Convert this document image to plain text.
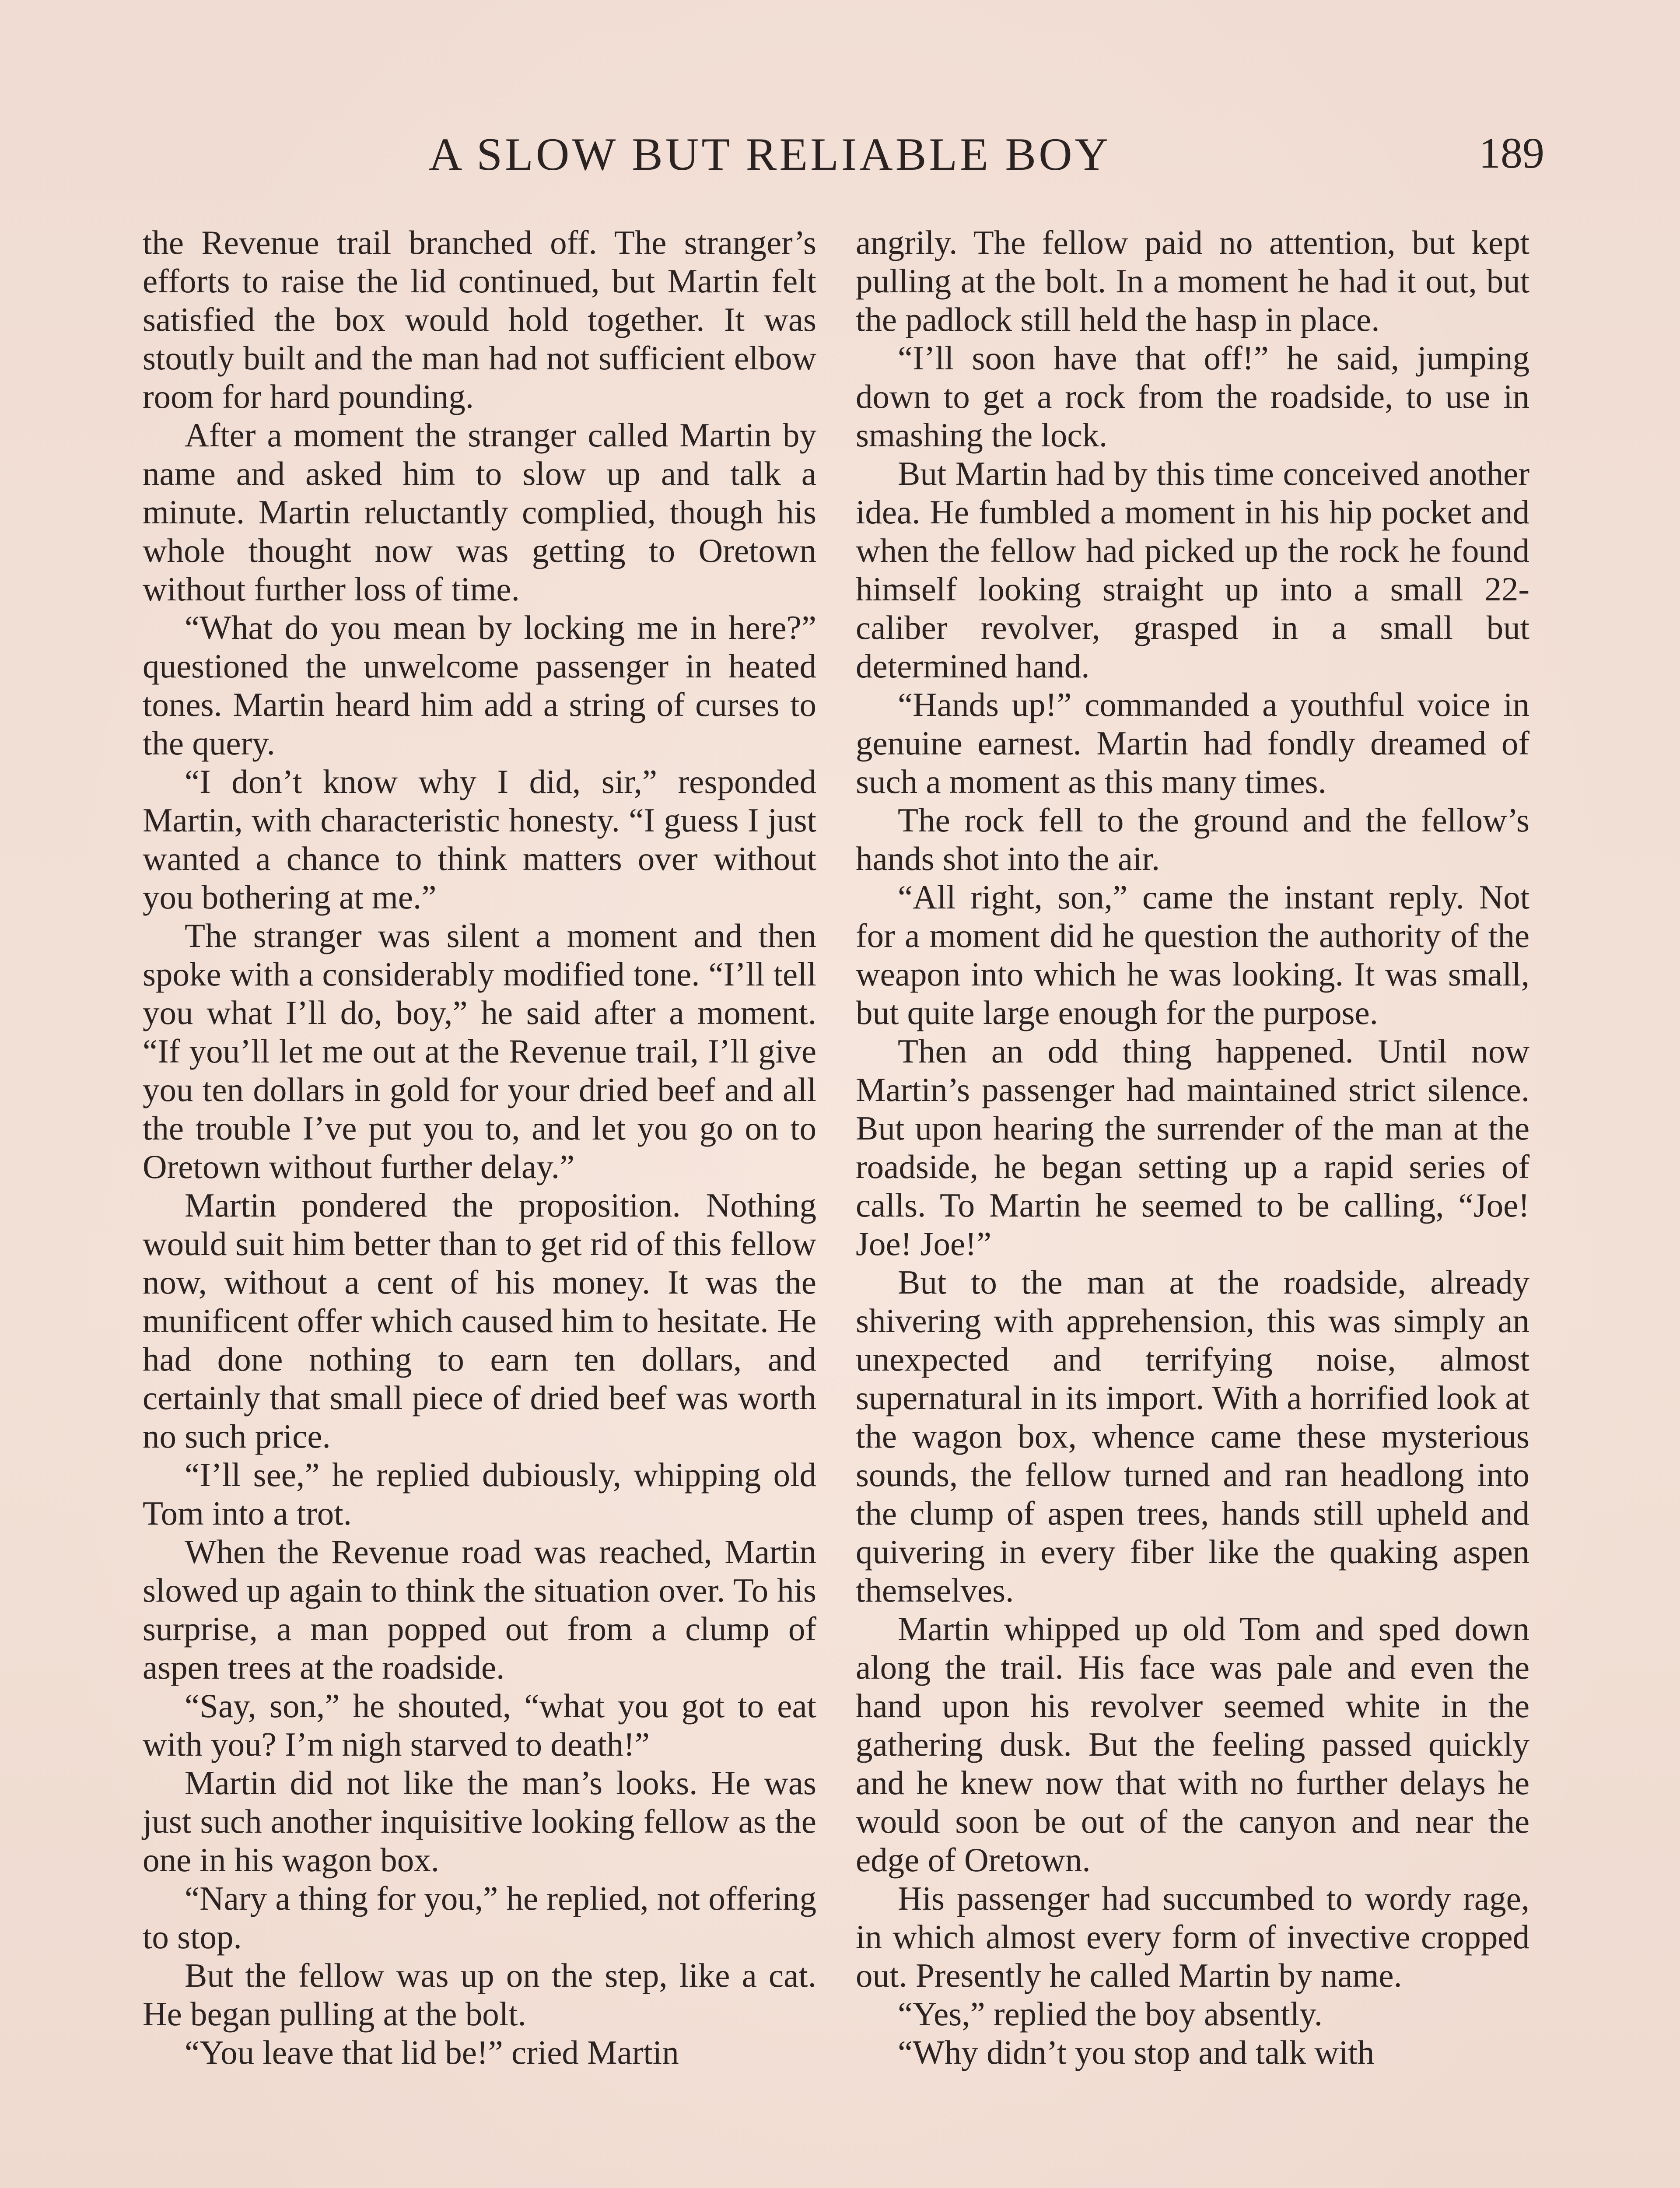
A SLOW BUT RELIABLE BOY	189

the Revenue trail branched off. The stranger’s efforts to raise the lid continued, but Martin felt satisfied the box would hold together. It was stoutly built and the man had not sufficient elbow room for hard pounding.

After a moment the stranger called Martin by name and asked him to slow up and talk a minute. Martin reluctantly complied, though his whole thought now was getting to Oretown without further loss of time.

“What do you mean by locking me in here?” questioned the unwelcome passenger in heated tones. Martin heard him add a string of curses to the query.

“I don’t know why I did, sir,” responded Martin, with characteristic honesty. “I guess I just wanted a chance to think matters over without you bothering at me.”

The stranger was silent a moment and then spoke with a considerably modified tone. “I’ll tell you what I’ll do, boy,” he said after a moment. “If you’ll let me out at the Revenue trail, I’ll give you ten dollars in gold for your dried beef and all the trouble I’ve put you to, and let you go on to Oretown without further delay.”

Martin pondered the proposition. Nothing would suit him better than to get rid of this fellow now, without a cent of his money. It was the munificent offer which caused him to hesitate. He had done nothing to earn ten dollars, and certainly that small piece of dried beef was worth no such price.

“I’ll see,” he replied dubiously, whipping old Tom into a trot.

When the Revenue road was reached, Martin slowed up again to think the situation over. To his surprise, a man popped out from a clump of aspen trees at the roadside.

“Say, son,” he shouted, “what you got to eat with you? I’m nigh starved to death!”

Martin did not like the man’s looks. He was just such another inquisitive looking fellow as the one in his wagon box.

“Nary a thing for you,” he replied, not offering to stop.

But the fellow was up on the step, like a cat. He began pulling at the bolt.

“You leave that lid be!” cried Martin

angrily. The fellow paid no attention, but kept pulling at the bolt. In a moment he had it out, but the padlock still held the hasp in place.

“I’ll soon have that off!” he said, jumping down to get a rock from the roadside, to use in smashing the lock.

But Martin had by this time conceived another idea. He fumbled a moment in his hip pocket and when the fellow had picked up the rock he found himself looking straight up into a small 22-caliber revolver, grasped in a small but determined hand.

“Hands up!” commanded a youthful voice in genuine earnest. Martin had fondly dreamed of such a moment as this many times.

The rock fell to the ground and the fellow’s hands shot into the air.

“All right, son,” came the instant reply. Not for a moment did he question the authority of the weapon into which he was looking. It was small, but quite large enough for the purpose.

Then an odd thing happened. Until now Martin’s passenger had maintained strict silence. But upon hearing the surrender of the man at the roadside, he began setting up a rapid series of calls. To Martin he seemed to be calling, “Joe! Joe! Joe!”

But to the man at the roadside, already shivering with apprehension, this was simply an unexpected and terrifying noise, almost supernatural in its import. With a horrified look at the wagon box, whence came these mysterious sounds, the fellow turned and ran headlong into the clump of aspen trees, hands still upheld and quivering in every fiber like the quaking aspen themselves.

Martin whipped up old Tom and sped down along the trail. His face was pale and even the hand upon his revolver seemed white in the gathering dusk. But the feeling passed quickly and he knew now that with no further delays he would soon be out of the canyon and near the edge of Oretown.

His passenger had succumbed to wordy rage, in which almost every form of invective cropped out. Presently he called Martin by name.

“Yes,” replied the boy absently.

“Why didn’t you stop and talk with
